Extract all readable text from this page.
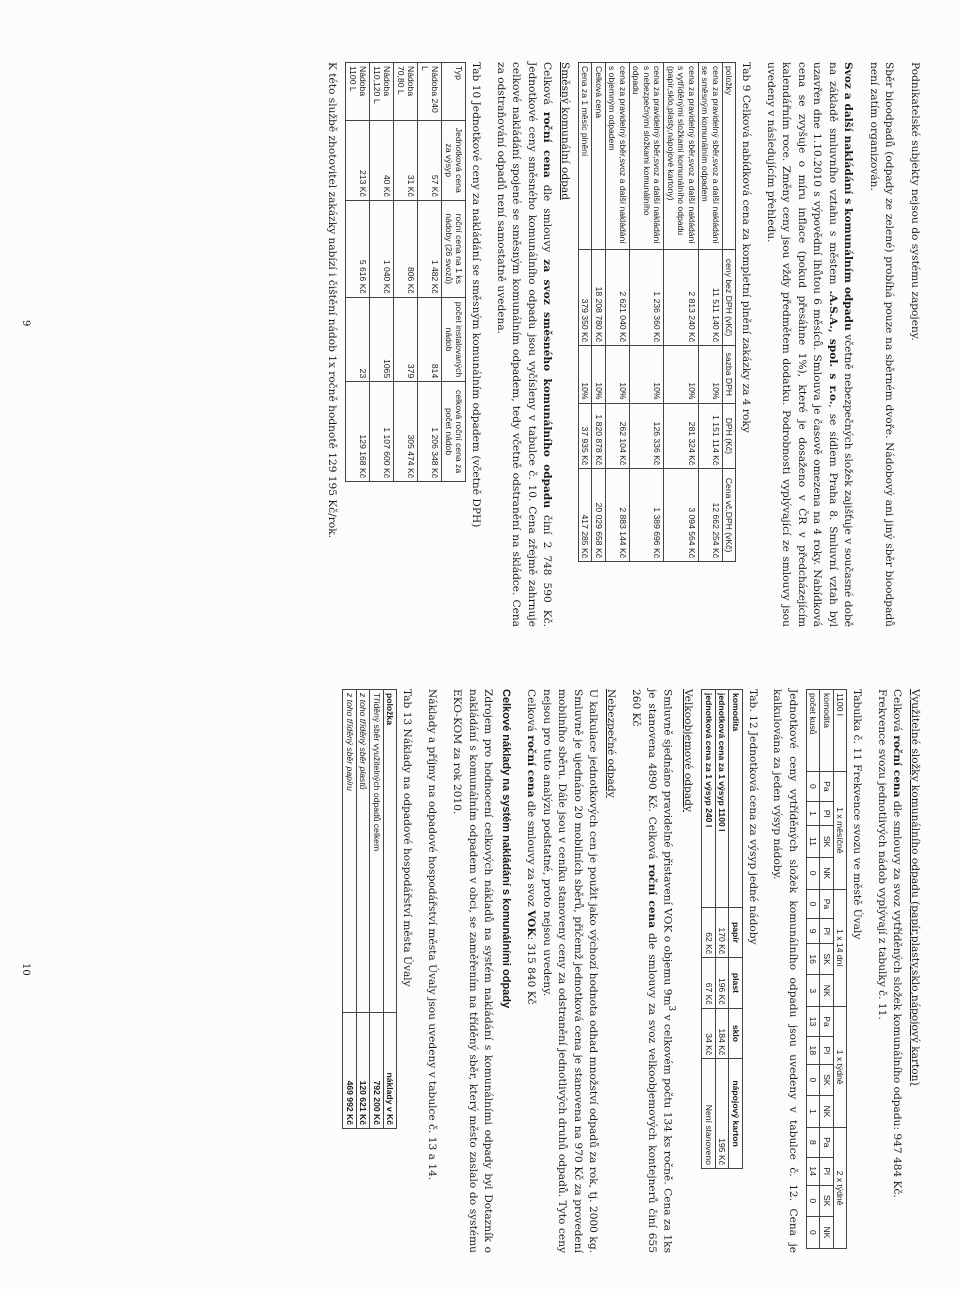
Podnikatelské subjekty nejsou do systému zapojeny.

Sběr bioodpadů (odpady ze zelené) probíhá pouze na sběrném dvoře. Nádobový ani jiný sběr bioodpadů není zatím organizován.

Svoz a další nakládání s komunálním odpadu včetně nebezpečných složek zajišťuje v současné době na základě smluvního vztahu s městem .A.S.A., spol. s r.o., se sídlem Praha 8. Smluvní vztah byl uzavřen dne 1.10.2010 s výpovědní lhůtou 6 měsíců. Smlouva je časově omezena na 4 roky. Nabídková cena se zvyšuje o míru inflace (pokud přesáhne 1%), které je dosaženo v ČR v předcházejícím kalendářním roce. Změny ceny jsou vždy předmětem dodatku. Podrobnosti vyplývající ze smlouvy jsou uvedeny v následujícím přehledu.

Tab 9 Celková nabídková cena za kompletní plnění zakázky za 4 roky
položky	ceny bez DPH (vKč)	sazba DPH	DPH (Kč)	Cena vč.DPH (vKč)
cena za pravidelný sběr,svoz a další nakládání se směsným komunálním odpadem	11 511 140 Kč	10%	1 151 114 Kč	12 662 254 Kč
cena za pravidelný sběr,svoz a další nakládání s vytříděnými složkami komunálního odpadu (papír,sklo,plasty,nápojové kartony)	2 813 240 Kč	10%	281 324 Kč	3 094 564 Kč
cena za pravidelný sběr,svoz a další nakládání s nebezpečnými složkami komunálního odpadu	1 236 360 Kč	10%	126 336 Kč	1 389 696 Kč
cena za pravidelný sběr,svoz a další nakládání s objemným odpadem	2 621 040 Kč	10%	262 104 Kč	2 883 144 Kč
Celková cena	18 208 780 Kč	10%	1 820 878 Kč	20 029 658 Kč
Cena za 1 měsíc plnění	379 350 Kč	10%	37 935 Kč	417 285 Kč

Směsný komunální odpad

Celková roční cena dle smlouvy za svoz směsného komunálního odpadu činí 2 748 590 Kč. Jednotkové ceny směsného komunálního odpadu jsou vyčísleny v tabulce č. 10. Cena zřejmě zahrnuje celkové nakládání spojené se směsným komunálním odpadem, tedy včetně odstranění na skládce. Cena za odstraňování odpadů není samostatně uvedena.

Tab 10 Jednotkové ceny za nakládání se směsným komunálním odpadem (včetně DPH)
Typ	Jednotková cena za výsyp	roční cena na 1 ks nádoby (26 svozů)	počet instalovaných nádob	celková roční cena za počet nádob
Nádoba 240 L	57 Kč	1 482 Kč	814	1 206 348 Kč
Nádoba 70,80 L	31 Kč	806 Kč	379	305 474 Kč
Nádoba 110,120 L	40 Kč	1 040 Kč	1065	1 107 600 Kč
Nádoba 1100 L	213 Kč	5 616 Kč	23	129 168 Kč

K této službě zhotovitel zakázky nabízí i čištění nádob 1x ročně hodnotě 129 195 Kč/rok.

9

Využitelné složky komunálního odpadu (papír,plasty,sklo,nápojový karton)

Celková roční cena dle smlouvy za svoz vytříděných složek komunálního odpadu: 947 484 Kč.

Frekvence svozu jednotlivých nádob vyplývají z tabulky č. 11.

Tabulka č. 11 Frekvence svozu ve městě Úvaly
1100 l	1 x měsíčně				1 x 14 dní				1 x týdně				2 x týdně			
komodita	Pa	Pl	SK	NK	Pa	Pl	SK	NK	Pa	Pl	SK	NK	Pa	Pl	SK	NK
počet kusů	0	1	11	0	0	9	16	3	13	18	0	1	8	14	0	0

Jednotkové ceny vytříděných složek komunálního odpadu jsou uvedeny v tabulce č. 12. Cena je kalkulována za jeden výsyp nádoby.

Tab. 12 Jednotková cena za výsyp jedné nádoby
komodita	papír	plast	sklo	nápojový karton
jednotková cena za 1 výsyp 1100 l	170 Kč	196 Kč	184 Kč	195 Kč
jednotková cena za 1 výsyp 240 l	62 Kč	67 Kč	34 Kč	Není stanoveno

Velkoobjemové odpady

Smluvně sjednáno pravidelné přistavení VOK o objemu $9m^3$ v celkovém počtu 134 ks ročně. Cena za 1ks je stanovena 4890 Kč. Celková roční cena dle smlouvy za svoz velkoobjemových kontejnerů činí 655 260 Kč

Nebezpečné odpady

U kalkulace jednotkových cen je použit jako výchozí hodnota odhad množství odpadů za rok, tj. 2000 kg. Smluvně je ujednáno 20 mobilních sběrů, přičemž jednotková cena je stanovena na 970 Kč za provedení mobilního sběru. Dále jsou v ceníku stanoveny ceny za odstranění jednotlivých druhů odpadů. Tyto ceny nejsou pro tuto analýzu podstatné, proto nejsou uvedeny.

Celková roční cena dle smlouvy za svoz VOK: 315 840 Kč

Celkové náklady na systém nakládání s komunálními odpady

Zdrojem pro hodnocení celkových nákladů na systém nakládání s komunálními odpady byl Dotazník o nakládání s komunálním odpadem v obci, se zaměřením na tříděný sběr, který město zaslalo do systému EKO-KOM za rok 2010.

Náklady a příjmy na odpadové hospodářství města Úvaly jsou uvedeny v tabulce č. 13 a 14.

Tab 13 Náklady na odpadové hospodářství města Úvaly
položka	náklady v Kč
Tříděný sběr využitelných odpadů celkem	792 200 Kč
z toho tříděný sběr plastů	120 621 Kč
z toho tříděný sběr papíru	469 992 Kč
10
